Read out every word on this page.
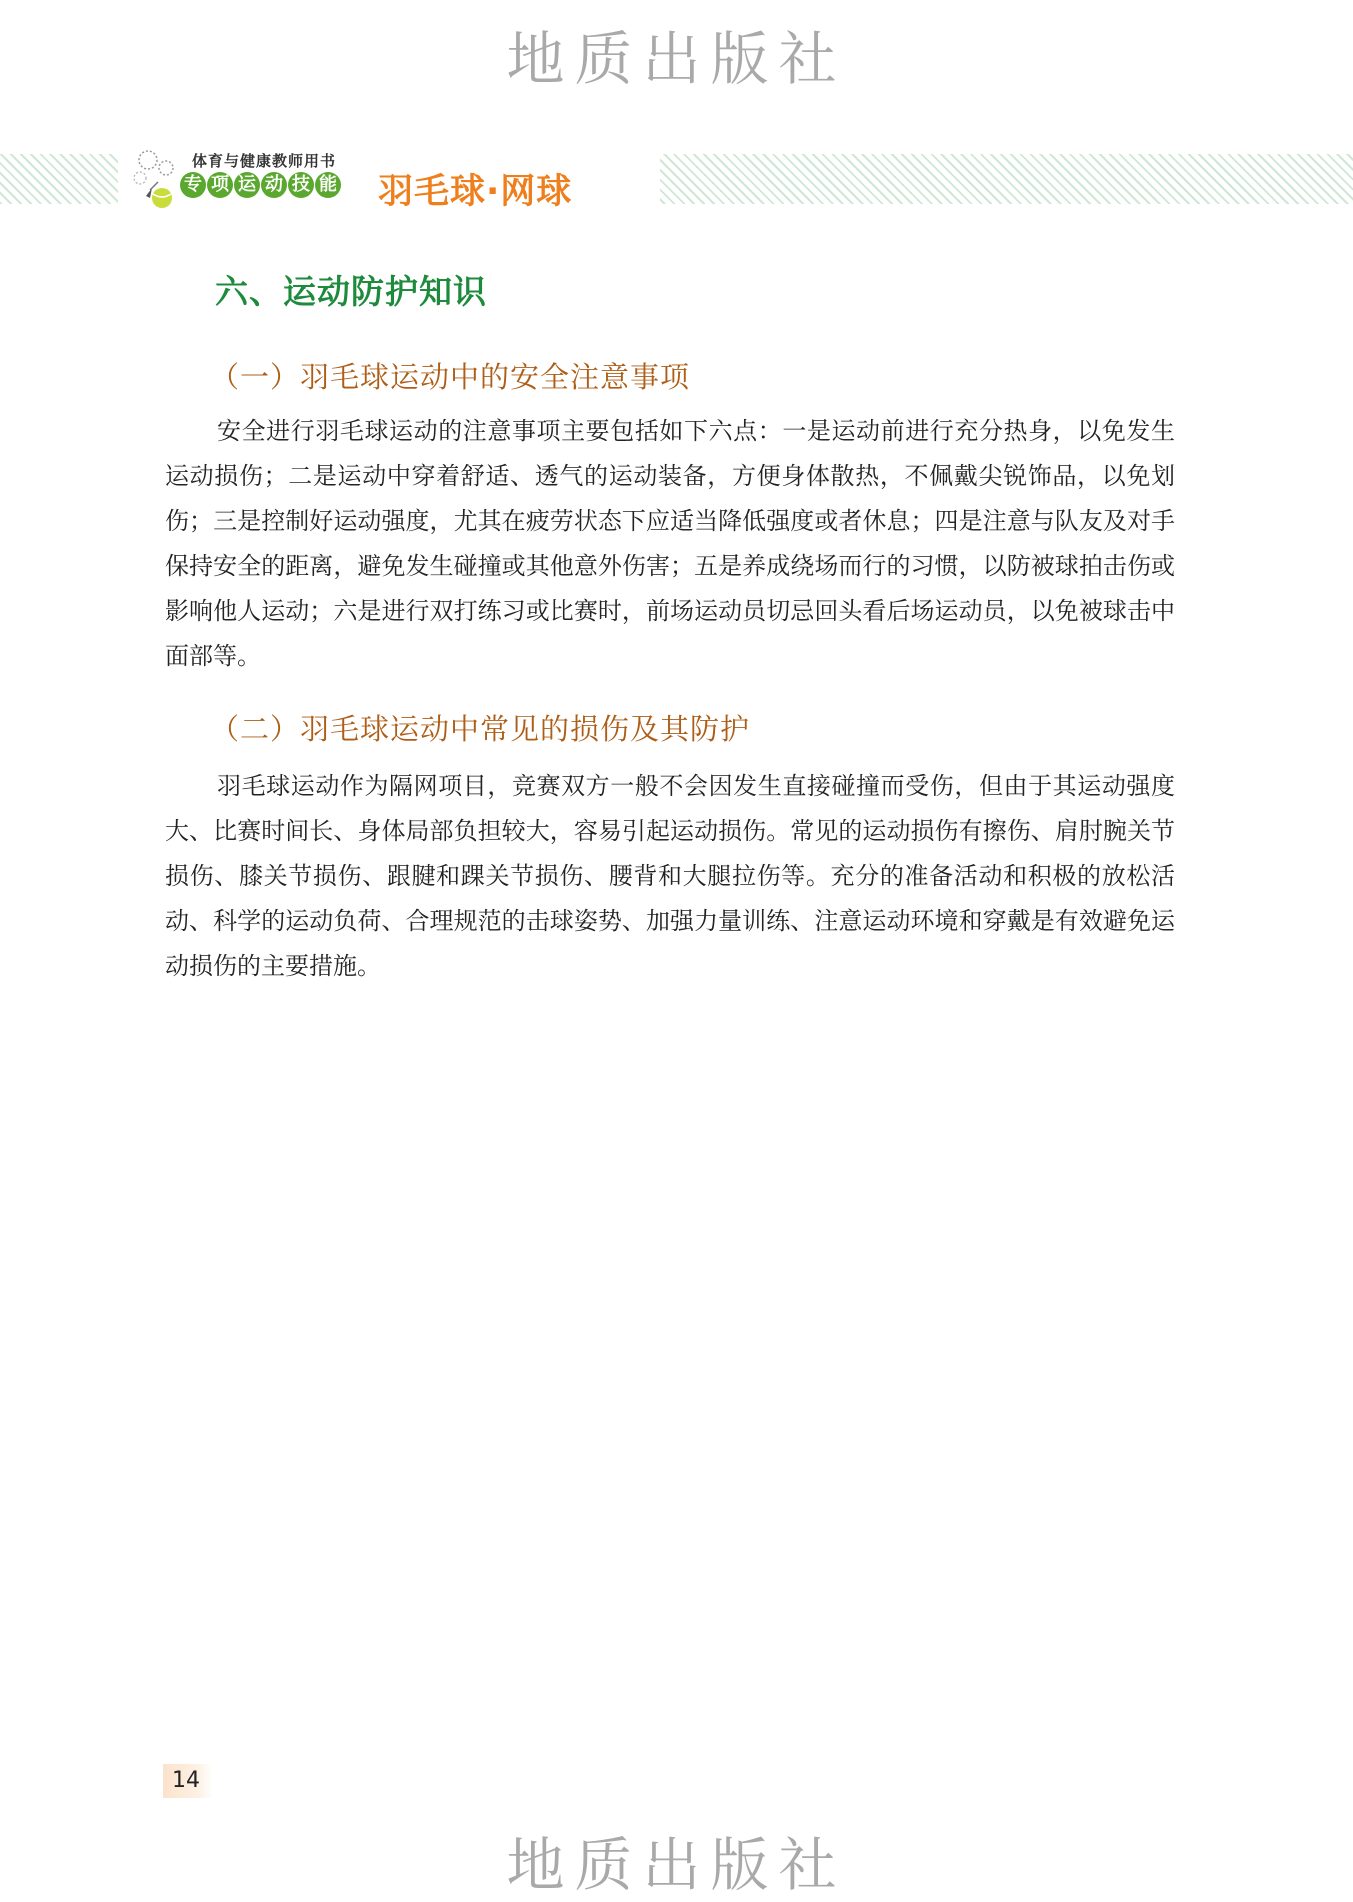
地质出版社
体育与健康教师用书
专 项 运 动 技 能 羽毛球·网球
六、运动防护知识
（一）羽毛球运动中的安全注意事项

安全进行羽毛球运动的注意事项主要包括如下六点：一是运动前进行充分热身，以免发生运动损伤；二是运动中穿着舒适、透气的运动装备，方便身体散热，不佩戴尖锐饰品，以免划伤；三是控制好运动强度，尤其在疲劳状态下应适当降低强度或者休息；四是注意与队友及对手保持安全的距离，避免发生碰撞或其他意外伤害；五是养成绕场而行的习惯，以防被球拍击伤或影响他人运动；六是进行双打练习或比赛时，前场运动员切忌回头看后场运动员，以免被球击中面部等。

（二）羽毛球运动中常见的损伤及其防护

羽毛球运动作为隔网项目，竞赛双方一般不会因发生直接碰撞而受伤，但由于其运动强度大、比赛时间长、身体局部负担较大，容易引起运动损伤。常见的运动损伤有擦伤、肩肘腕关节损伤、膝关节损伤、跟腱和踝关节损伤、腰背和大腿拉伤等。充分的准备活动和积极的放松活动、科学的运动负荷、合理规范的击球姿势、加强力量训练、注意运动环境和穿戴是有效避免运动损伤的主要措施。

14
地质出版社
